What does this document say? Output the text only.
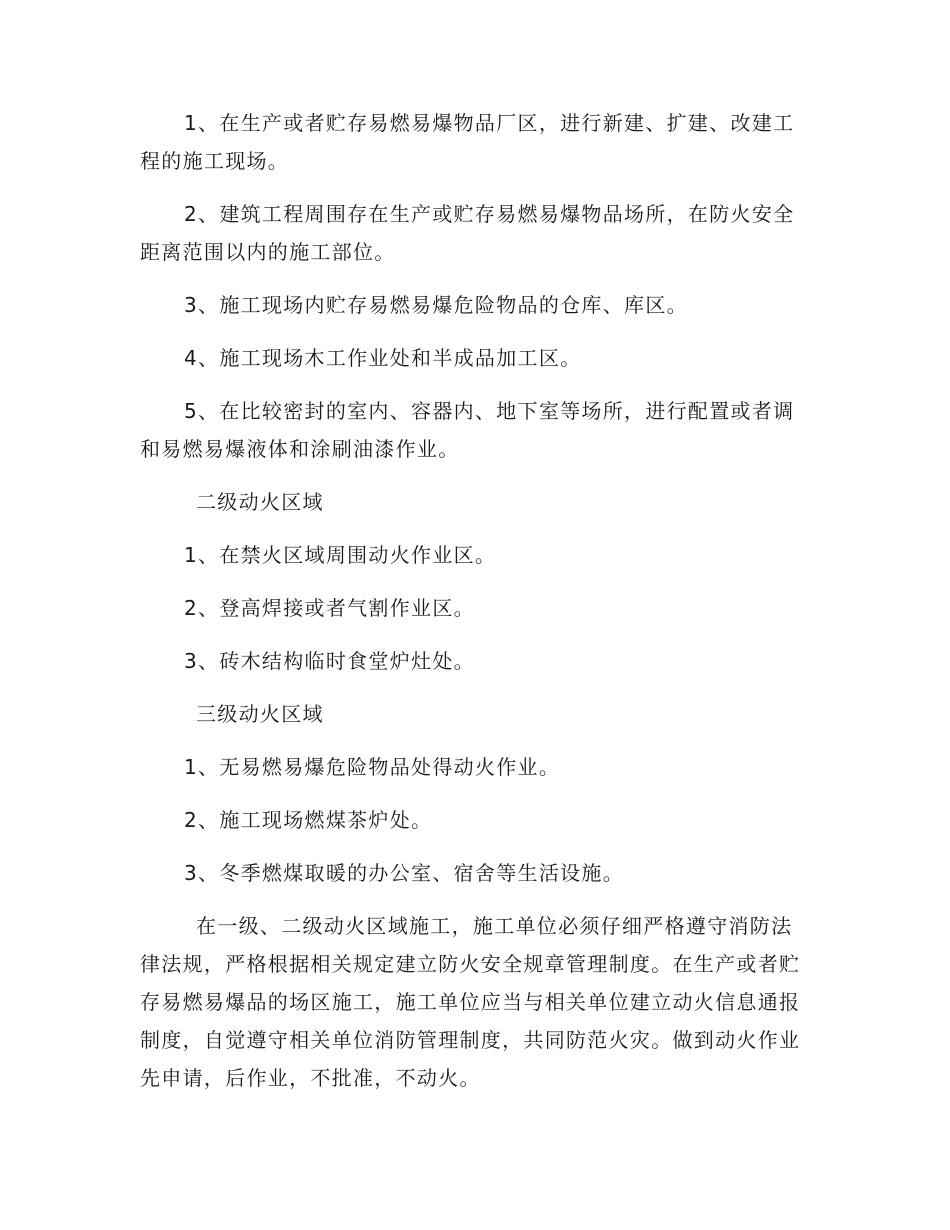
1、在生产或者贮存易燃易爆物品厂区，进行新建、扩建、改建工程的施工现场。

2、建筑工程周围存在生产或贮存易燃易爆物品场所，在防火安全距离范围以内的施工部位。

3、施工现场内贮存易燃易爆危险物品的仓库、库区。

4、施工现场木工作业处和半成品加工区。

5、在比较密封的室内、容器内、地下室等场所，进行配置或者调和易燃易爆液体和涂刷油漆作业。

二级动火区域

1、在禁火区域周围动火作业区。

2、登高焊接或者气割作业区。

3、砖木结构临时食堂炉灶处。

三级动火区域

1、无易燃易爆危险物品处得动火作业。

2、施工现场燃煤茶炉处。

3、冬季燃煤取暖的办公室、宿舍等生活设施。

在一级、二级动火区域施工，施工单位必须仔细严格遵守消防法律法规，严格根据相关规定建立防火安全规章管理制度。在生产或者贮存易燃易爆品的场区施工，施工单位应当与相关单位建立动火信息通报制度，自觉遵守相关单位消防管理制度，共同防范火灾。做到动火作业先申请，后作业，不批准，不动火。
